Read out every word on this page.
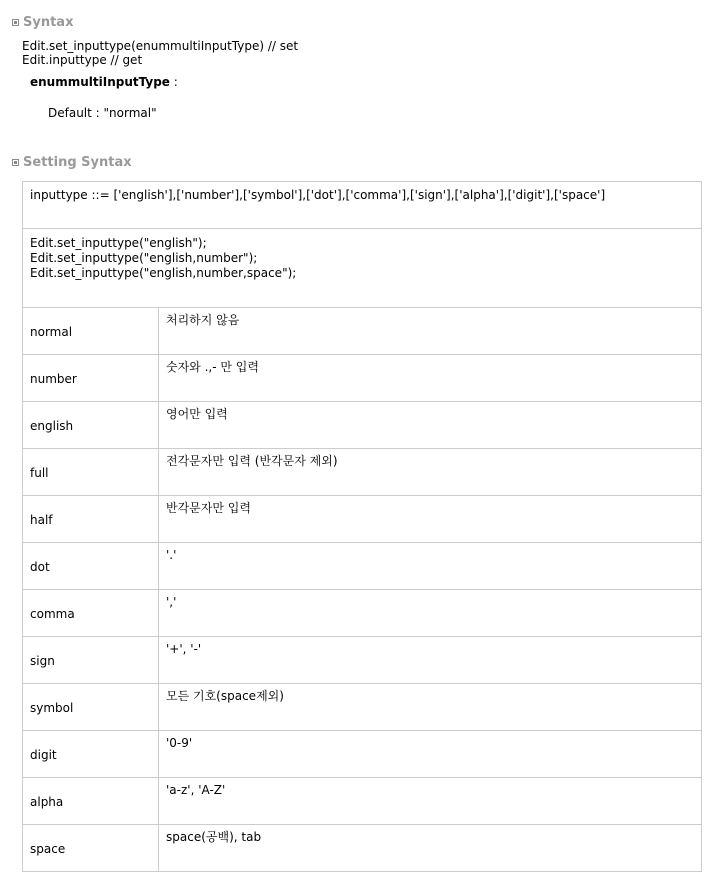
Syntax
Edit.set_inputtype(enummultiInputType) // set
Edit.inputtype // get
enummultiInputType :
Default : "normal"
Setting Syntax
inputtype ::= ['english'],['number'],['symbol'],['dot'],['comma'],['sign'],['alpha'],['digit'],['space']	
Edit.set_inputtype("english");
Edit.set_inputtype("english,number");
Edit.set_inputtype("english,number,space");	
normal	처리하지 않음
number	숫자와 .,- 만 입력
english	영어만 입력
full	전각문자만 입력 (반각문자 제외)
half	반각문자만 입력
dot	'.'
comma	','
sign	'+', '-'
symbol	모든 기호(space제외)
digit	'0-9'
alpha	'a-z', 'A-Z'
space	space(공백), tab
